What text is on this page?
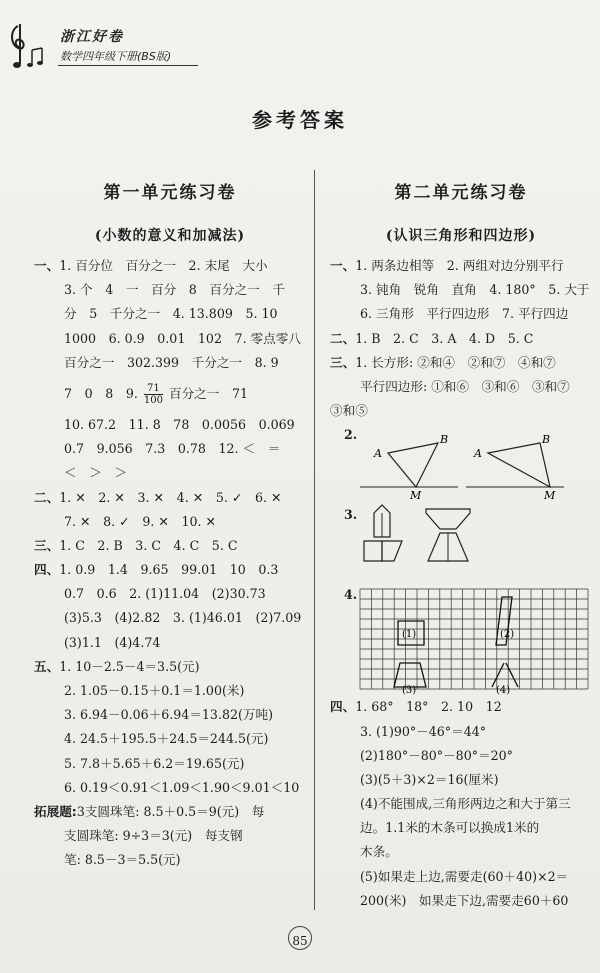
浙江好卷
数学四年级下册(BS版)
参考答案
第一单元练习卷
(小数的意义和加减法)
一、1. 百分位　百分之一　2. 末尾　大小
3. 个　4　一　百分　8　百分之一　千
分　5　千分之一　4. 13.809　5. 10
1000　6. 0.9　0.01　102　7. 零点零八
百分之一　302.399　千分之一　8. 9
7　0　8　9. $\frac{71}{100}$ 百分之一　71
10. 67.2　11. 8　78　0.0056　0.069
0.7　9.056　7.3　0.78　12. ＜　＝
＜　＞　＞
二、1. ✕　2. ✕　3. ✕　4. ✕　5. ✓　6. ✕
7. ✕　8. ✓　9. ✕　10. ✕
三、1. C　2. B　3. C　4. C　5. C
四、1. 0.9　1.4　9.65　99.01　10　0.3
0.7　0.6　2. (1)11.04　(2)30.73
(3)5.3　(4)2.82　3. (1)46.01　(2)7.09
(3)1.1　(4)4.74
五、1. 10－2.5－4＝3.5(元)
2. 1.05－0.15＋0.1＝1.00(米)
3. 6.94－0.06＋6.94＝13.82(万吨)
4. 24.5＋195.5＋24.5＝244.5(元)
5. 7.8＋5.65＋6.2＝19.65(元)
6. 0.19＜0.91＜1.09＜1.90＜9.01＜10
拓展题:3支圆珠笔: 8.5＋0.5＝9(元)　每
支圆珠笔: 9÷3＝3(元)　每支钢
笔: 8.5－3＝5.5(元)
第二单元练习卷
(认识三角形和四边形)
一、1. 两条边相等　2. 两组对边分别平行
3. 钝角　锐角　直角　4. 180°　5. 大于
6. 三角形　平行四边形　7. 平行四边
二、1. B　2. C　3. A　4. D　5. C
三、1. 长方形: ②和④　②和⑦　④和⑦
平行四边形: ①和⑥　③和⑥　③和⑦
③和⑤
2.
A
B
M
A
B
M
3.
4.
(1)	(2)
(3)	(4)
四、1. 68°　18°　2. 10　12
3. (1)90°－46°＝44°
(2)180°－80°－80°＝20°
(3)(5＋3)×2＝16(厘米)
(4)不能围成,三角形两边之和大于第三
边。1.1米的木条可以换成1米的
木条。
(5)如果走上边,需要走(60＋40)×2＝
200(米)　如果走下边,需要走60＋60
85
